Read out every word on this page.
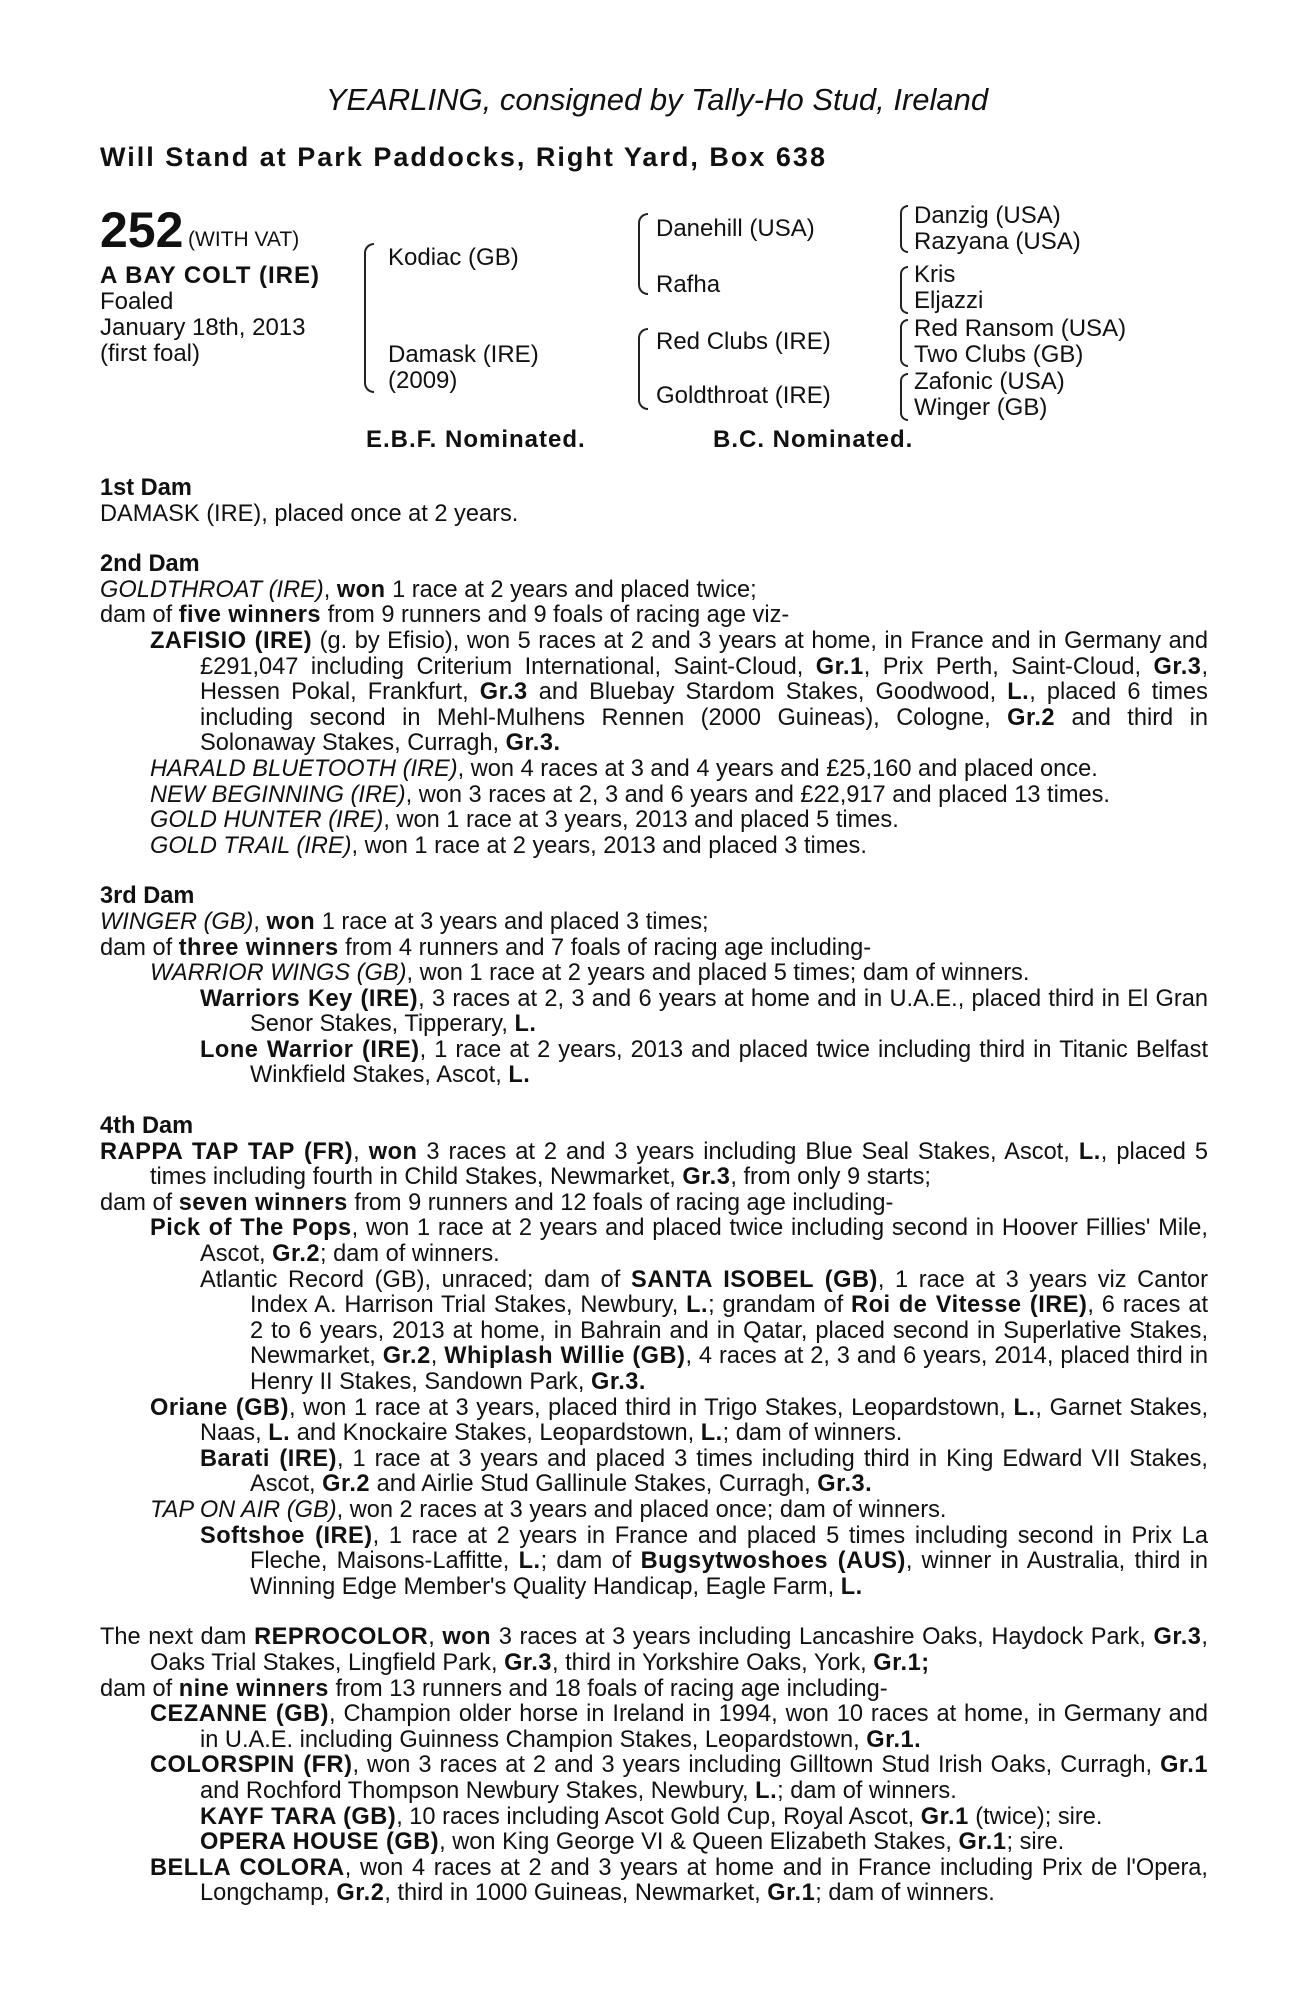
YEARLING, consigned by Tally-Ho Stud, Ireland
Will Stand at Park Paddocks, Right Yard, Box 638
252 (WITH VAT)
A BAY COLT (IRE)
Foaled
January 18th, 2013
(first foal)
Kodiac (GB)
Damask (IRE)
(2009)
Danehill (USA)
Rafha
Red Clubs (IRE)
Goldthroat (IRE)
Danzig (USA)
Razyana (USA)
Kris
Eljazzi
Red Ransom (USA)
Two Clubs (GB)
Zafonic (USA)
Winger (GB)
E.B.F. Nominated.	B.C. Nominated.

1st Dam

DAMASK (IRE), placed once at 2 years.

2nd Dam

GOLDTHROAT (IRE), won 1 race at 2 years and placed twice;

dam of five winners from 9 runners and 9 foals of racing age viz-

ZAFISIO (IRE) (g. by Efisio), won 5 races at 2 and 3 years at home, in France and in Germany and £291,047 including Criterium International, Saint-Cloud, Gr.1, Prix Perth, Saint-Cloud, Gr.3, Hessen Pokal, Frankfurt, Gr.3 and Bluebay Stardom Stakes, Goodwood, L., placed 6 times including second in Mehl-Mulhens Rennen (2000 Guineas), Cologne, Gr.2 and third in Solonaway Stakes, Curragh, Gr.3.

HARALD BLUETOOTH (IRE), won 4 races at 3 and 4 years and £25,160 and placed once.

NEW BEGINNING (IRE), won 3 races at 2, 3 and 6 years and £22,917 and placed 13 times.

GOLD HUNTER (IRE), won 1 race at 3 years, 2013 and placed 5 times.

GOLD TRAIL (IRE), won 1 race at 2 years, 2013 and placed 3 times.

3rd Dam

WINGER (GB), won 1 race at 3 years and placed 3 times;

dam of three winners from 4 runners and 7 foals of racing age including-

WARRIOR WINGS (GB), won 1 race at 2 years and placed 5 times; dam of winners.

Warriors Key (IRE), 3 races at 2, 3 and 6 years at home and in U.A.E., placed third in El Gran Senor Stakes, Tipperary, L.

Lone Warrior (IRE), 1 race at 2 years, 2013 and placed twice including third in Titanic Belfast Winkfield Stakes, Ascot, L.

4th Dam

RAPPA TAP TAP (FR), won 3 races at 2 and 3 years including Blue Seal Stakes, Ascot, L., placed 5 times including fourth in Child Stakes, Newmarket, Gr.3, from only 9 starts;

dam of seven winners from 9 runners and 12 foals of racing age including-

Pick of The Pops, won 1 race at 2 years and placed twice including second in Hoover Fillies' Mile, Ascot, Gr.2; dam of winners.

Atlantic Record (GB), unraced; dam of SANTA ISOBEL (GB), 1 race at 3 years viz Cantor Index A. Harrison Trial Stakes, Newbury, L.; grandam of Roi de Vitesse (IRE), 6 races at 2 to 6 years, 2013 at home, in Bahrain and in Qatar, placed second in Superlative Stakes, Newmarket, Gr.2, Whiplash Willie (GB), 4 races at 2, 3 and 6 years, 2014, placed third in Henry II Stakes, Sandown Park, Gr.3.

Oriane (GB), won 1 race at 3 years, placed third in Trigo Stakes, Leopardstown, L., Garnet Stakes, Naas, L. and Knockaire Stakes, Leopardstown, L.; dam of winners.

Barati (IRE), 1 race at 3 years and placed 3 times including third in King Edward VII Stakes, Ascot, Gr.2 and Airlie Stud Gallinule Stakes, Curragh, Gr.3.

TAP ON AIR (GB), won 2 races at 3 years and placed once; dam of winners.

Softshoe (IRE), 1 race at 2 years in France and placed 5 times including second in Prix La Fleche, Maisons-Laffitte, L.; dam of Bugsytwoshoes (AUS), winner in Australia, third in Winning Edge Member's Quality Handicap, Eagle Farm, L.

The next dam REPROCOLOR, won 3 races at 3 years including Lancashire Oaks, Haydock Park, Gr.3, Oaks Trial Stakes, Lingfield Park, Gr.3, third in Yorkshire Oaks, York, Gr.1;

dam of nine winners from 13 runners and 18 foals of racing age including-

CEZANNE (GB), Champion older horse in Ireland in 1994, won 10 races at home, in Germany and in U.A.E. including Guinness Champion Stakes, Leopardstown, Gr.1.

COLORSPIN (FR), won 3 races at 2 and 3 years including Gilltown Stud Irish Oaks, Curragh, Gr.1 and Rochford Thompson Newbury Stakes, Newbury, L.; dam of winners.

KAYF TARA (GB), 10 races including Ascot Gold Cup, Royal Ascot, Gr.1 (twice); sire.

OPERA HOUSE (GB), won King George VI & Queen Elizabeth Stakes, Gr.1; sire.

BELLA COLORA, won 4 races at 2 and 3 years at home and in France including Prix de l'Opera, Longchamp, Gr.2, third in 1000 Guineas, Newmarket, Gr.1; dam of winners.
